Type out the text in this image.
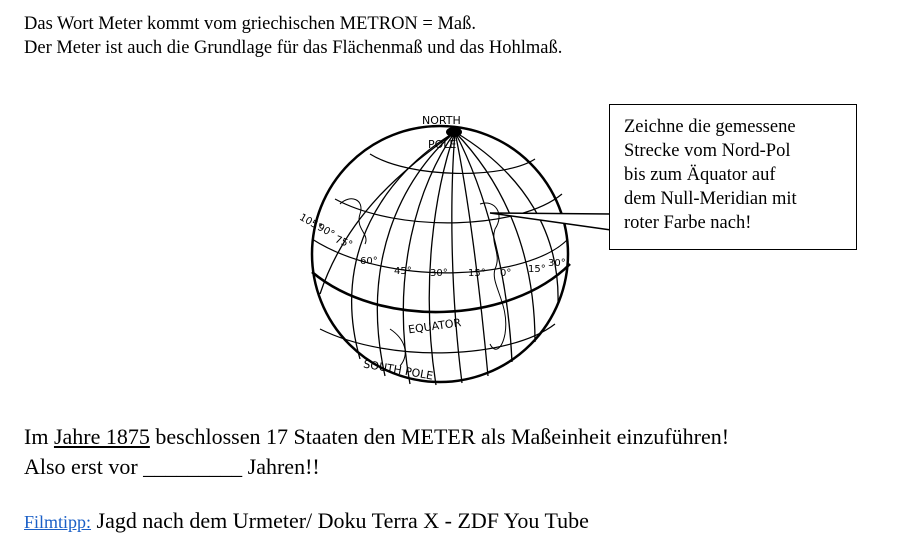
Das Wort Meter kommt vom griechischen METRON = Maß.
Der Meter ist auch die Grundlage für das Flächenmaß und das Hohlmaß.
NORTH
POLE
EQUATOR
SOUTH POLE
105°
90°
75°
60°
45° 30° 15° 0° 15°
30°
Zeichne die gemessene
Strecke vom Nord-Pol
bis zum Äquator auf
dem Null-Meridian mit
roter Farbe nach!
Im Jahre 1875 beschlossen 17 Staaten den METER als Maßeinheit einzuführen!
Also erst vor _________ Jahren!!
Filmtipp: Jagd nach dem Urmeter/ Doku Terra X - ZDF You Tube
